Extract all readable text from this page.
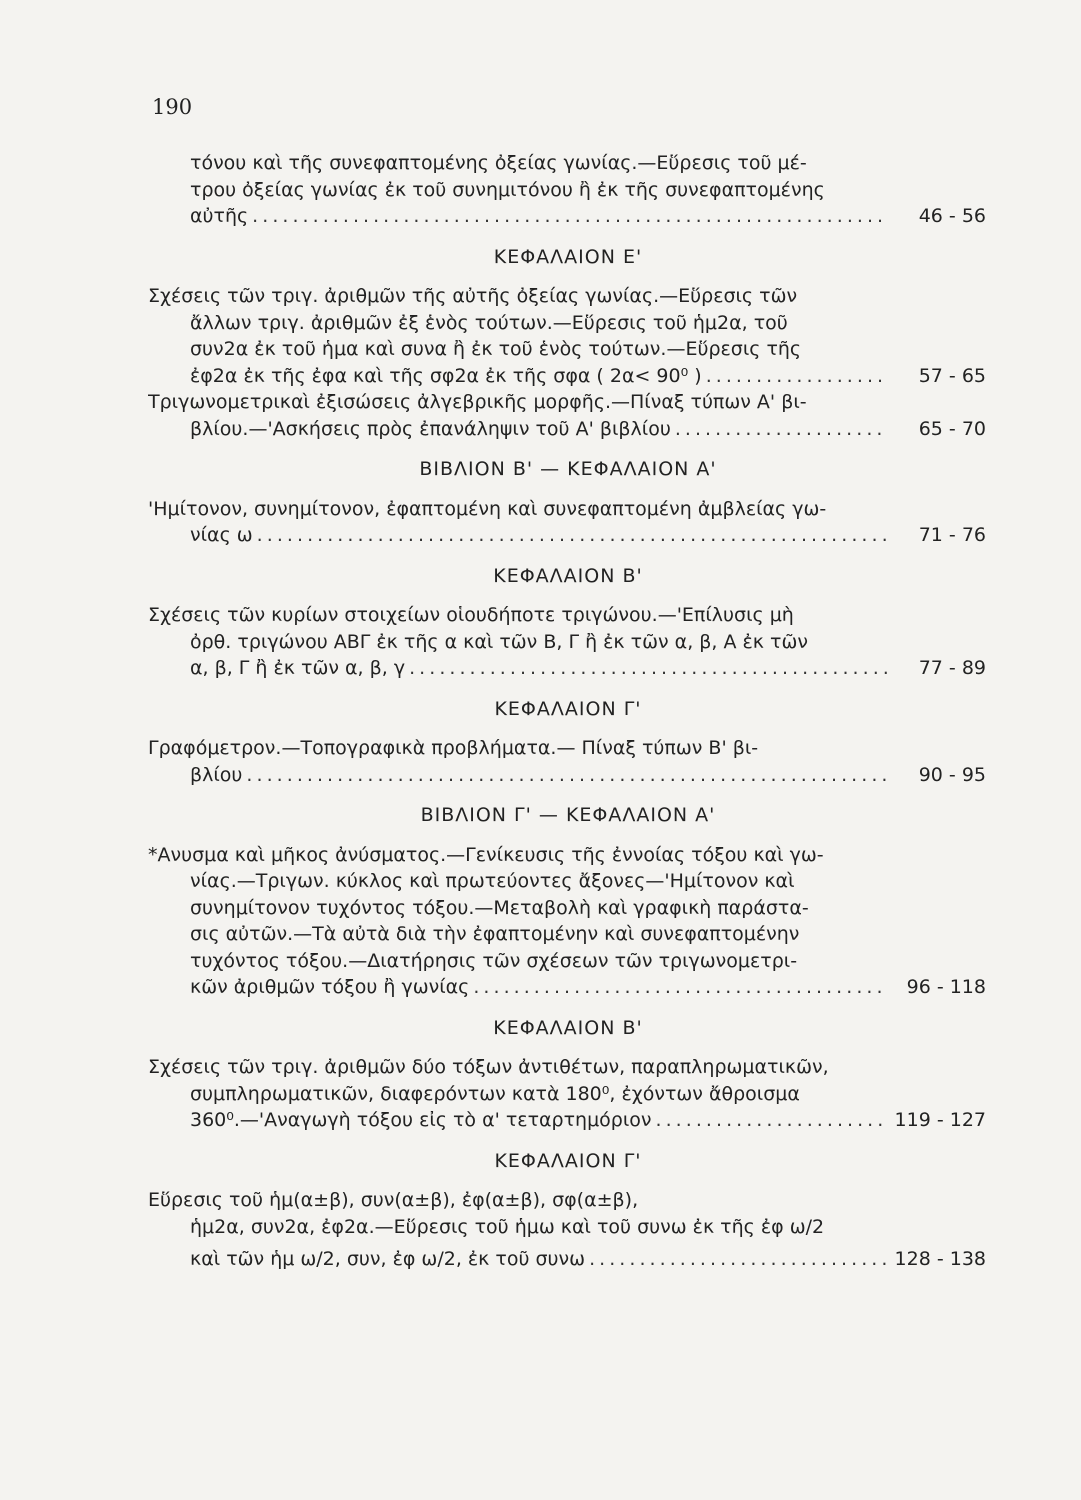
190
τόνου καὶ τῆς συνεφαπτομένης ὀξείας γωνίας.—Εὕρεσις τοῦ μέ-
τρου ὀξείας γωνίας ἐκ τοῦ συνημιτόνου ἢ ἐκ τῆς συνεφαπτομένης
αὐτῆς . . .	46 - 56
ΚΕΦΑΛΑΙΟΝ Ε'
Σχέσεις τῶν τριγ. ἀριθμῶν τῆς αὐτῆς ὀξείας γωνίας.—Εὕρεσις τῶν
ἄλλων τριγ. ἀριθμῶν ἐξ ἑνὸς τούτων.—Εὕρεσις τοῦ ἡμ2α, τοῦ
συν2α ἐκ τοῦ ἡμα καὶ συνα ἢ ἐκ τοῦ ἑνὸς τούτων.—Εὕρεσις τῆς
ἐφ2α ἐκ τῆς ἐφα καὶ τῆς σφ2α ἐκ τῆς σφα ( 2α< 90⁰ ) . . .	57 - 65
Τριγωνομετρικαὶ ἐξισώσεις ἀλγεβρικῆς μορφῆς.—Πίναξ τύπων Α' βι-
βλίου.—'Ασκήσεις πρὸς ἐπανάληψιν τοῦ Α' βιβλίου . . .	65 - 70
ΒΙΒΛΙΟΝ Β' — ΚΕΦΑΛΑΙΟΝ Α'
'Ημίτονον, συνημίτονον, ἐφαπτομένη καὶ συνεφαπτομένη ἀμβλείας γω-
νίας ω . . .	71 - 76
ΚΕΦΑΛΑΙΟΝ Β'
Σχέσεις τῶν κυρίων στοιχείων οἱουδήποτε τριγώνου.—'Επίλυσις μὴ
ὀρθ. τριγώνου ΑΒΓ ἐκ τῆς α καὶ τῶν Β, Γ ἢ ἐκ τῶν α, β, Α ἐκ τῶν
α, β, Γ ἢ ἐκ τῶν α, β, γ . . .	77 - 89
ΚΕΦΑΛΑΙΟΝ Γ'
Γραφόμετρον.—Τοπογραφικὰ προβλήματα.— Πίναξ τύπων Β' βι-
βλίου . . .	90 - 95
ΒΙΒΛΙΟΝ Γ' — ΚΕΦΑΛΑΙΟΝ Α'
*Ανυσμα καὶ μῆκος ἀνύσματος.—Γενίκευσις τῆς ἐννοίας τόξου καὶ γω-
νίας.—Τριγων. κύκλος καὶ πρωτεύοντες ἄξονες—'Ημίτονον καὶ
συνημίτονον τυχόντος τόξου.—Μεταβολὴ καὶ γραφικὴ παράστα-
σις αὐτῶν.—Τὰ αὐτὰ διὰ τὴν ἐφαπτομένην καὶ συνεφαπτομένην
τυχόντος τόξου.—Διατήρησις τῶν σχέσεων τῶν τριγωνομετρι-
κῶν ἀριθμῶν τόξου ἢ γωνίας . . .	96 - 118
ΚΕΦΑΛΑΙΟΝ Β'
Σχέσεις τῶν τριγ. ἀριθμῶν δύο τόξων ἀντιθέτων, παραπληρωματικῶν,
συμπληρωματικῶν, διαφερόντων κατὰ 180⁰, ἐχόντων ἄθροισμα
360⁰.—'Αναγωγὴ τόξου εἰς τὸ α' τεταρτημόριον . . .	119 - 127
ΚΕΦΑΛΑΙΟΝ Γ'
Εὕρεσις τοῦ ἡμ(α±β), συν(α±β), ἐφ(α±β), σφ(α±β),
ἡμ2α, συν2α, ἐφ2α.—Εὕρεσις τοῦ ἡμω καὶ τοῦ συνω ἐκ τῆς ἐφ ω/2
καὶ τῶν ἡμ ω/2, συν, ἐφ ω/2, ἐκ τοῦ συνω . . .	128 - 138
